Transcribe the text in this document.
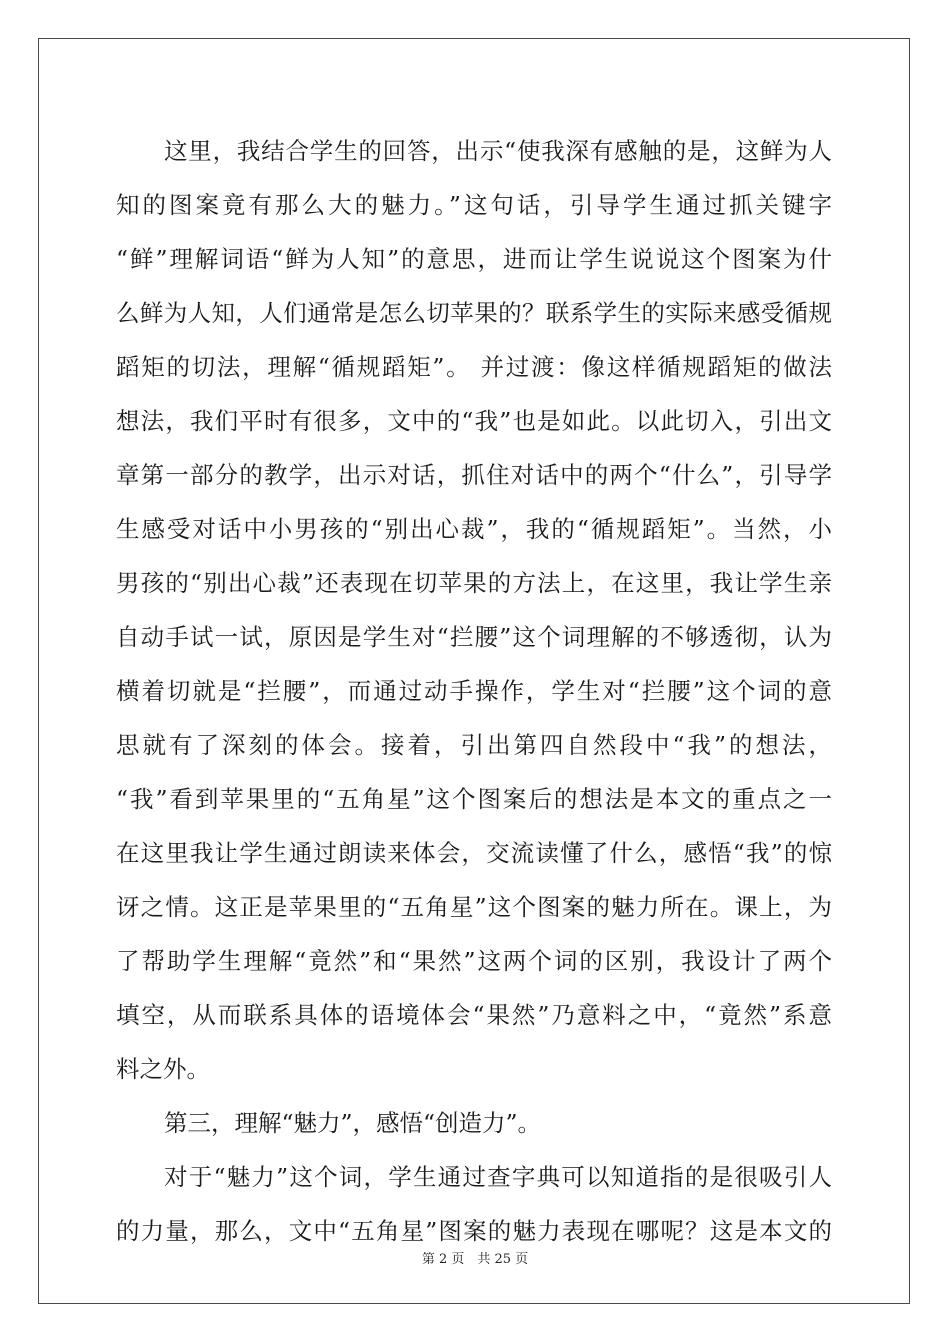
这里，我结合学生的回答，出示“使我深有感触的是，这鲜为人
知的图案竟有那么大的魅力。”这句话，引导学生通过抓关键字
“鲜”理解词语“鲜为人知”的意思，进而让学生说说这个图案为什
么鲜为人知，人们通常是怎么切苹果的？联系学生的实际来感受循规
蹈矩的切法，理解“循规蹈矩”。 并过渡：像这样循规蹈矩的做法
想法，我们平时有很多，文中的“我”也是如此。以此切入，引出文
章第一部分的教学，出示对话，抓住对话中的两个“什么”，引导学
生感受对话中小男孩的“别出心裁”，我的“循规蹈矩”。当然，小
男孩的“别出心裁”还表现在切苹果的方法上，在这里，我让学生亲
自动手试一试，原因是学生对“拦腰”这个词理解的不够透彻，认为
横着切就是“拦腰”，而通过动手操作，学生对“拦腰”这个词的意
思就有了深刻的体会。接着，引出第四自然段中“我”的想法，
“我”看到苹果里的“五角星”这个图案后的想法是本文的重点之一
在这里我让学生通过朗读来体会，交流读懂了什么，感悟“我”的惊
讶之情。这正是苹果里的“五角星”这个图案的魅力所在。课上，为
了帮助学生理解“竟然”和“果然”这两个词的区别，我设计了两个
填空，从而联系具体的语境体会“果然”乃意料之中，“竟然”系意
料之外。
第三，理解“魅力”，感悟“创造力”。
对于“魅力”这个词，学生通过查字典可以知道指的是很吸引人
的力量，那么，文中“五角星”图案的魅力表现在哪呢？这是本文的
第 2 页　共 25 页
